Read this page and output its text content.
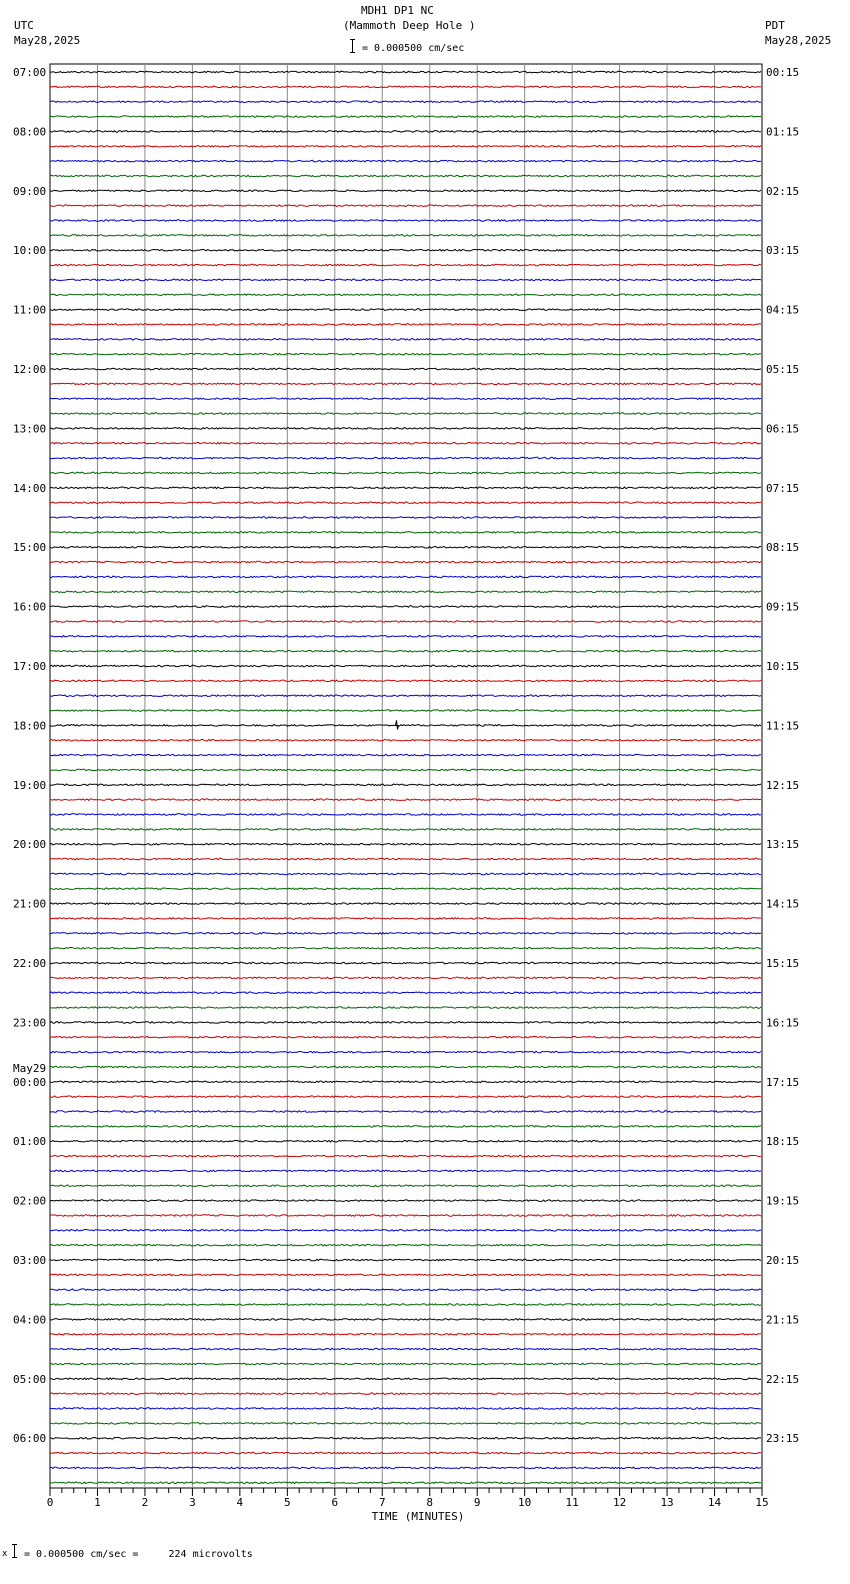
07:00	00:15
08:00	01:15
09:00	02:15
10:00	03:15
11:00	04:15
12:00	05:15
13:00	06:15
14:00	07:15
15:00	08:15
16:00	09:15
17:00	10:15
18:00	11:15
19:00	12:15
20:00	13:15
21:00	14:15
22:00	15:15
23:00	16:15
00:00	17:15
May29
01:00	18:15
02:00	19:15
03:00	20:15
04:00	21:15
05:00	22:15
06:00	23:15
0	1	2	3	4	5	6	7	8	9	10	11	12	13	14	15
TIME (MINUTES)
MDH1 DP1 NC
(Mammoth Deep Hole )
= 0.000500 cm/sec
UTC
May28,2025
PDT
May28,2025
x = 0.000500 cm/sec =     224 microvolts
